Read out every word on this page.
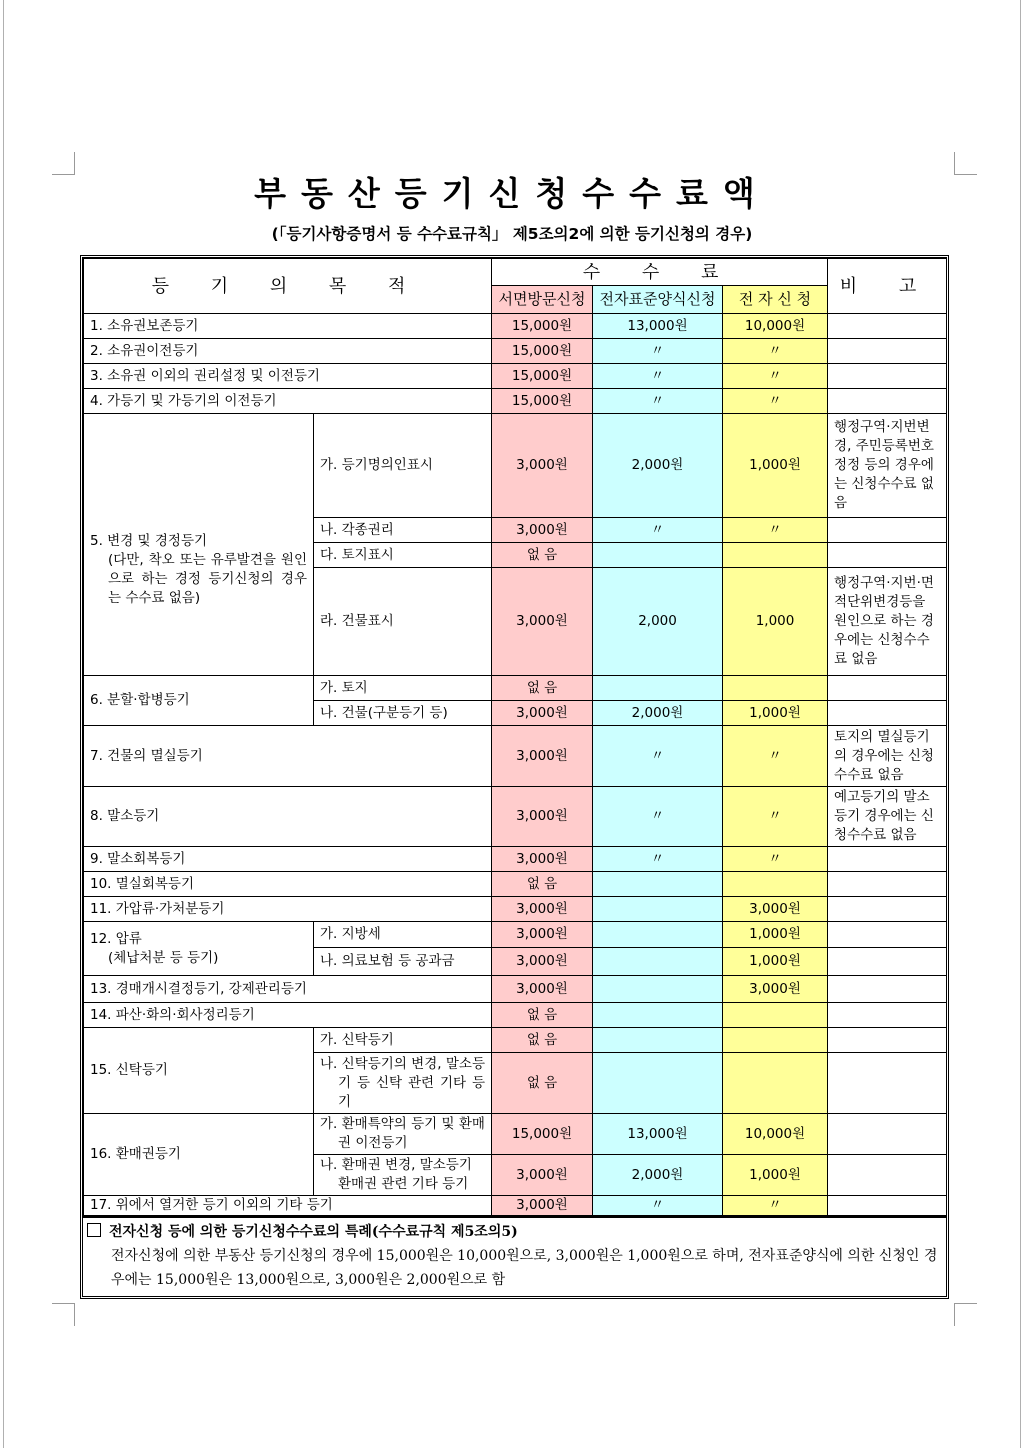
부동산등기신청수수료액
(「등기사항증명서 등 수수료규칙」 제5조의2에 의한 등기신청의 경우)
등 기 의 목 적		수 수 료			비 고
		서면방문신청	전자표준양식신청	전 자 신 청	
1. 소유권보존등기		15,000원	13,000원	10,000원	
2. 소유권이전등기		15,000원	〃	〃	
3. 소유권 이외의 권리설정 및 이전등기		15,000원	〃	〃	
4. 가등기 및 가등기의 이전등기		15,000원	〃	〃	

5. 변경 및 경정등기
(다만, 착오 또는 유루발견을 원인으로 하는 경정 등기신청의 경우는 수수료 없음)	가. 등기명의인표시	3,000원	2,000원	1,000원	행정구역·지번변경, 주민등록번호정정 등의 경우에는 신청수수료 없음
	나. 각종권리	3,000원	〃	〃	
	다. 토지표시	없 음			
	라. 건물표시	3,000원	2,000	1,000	행정구역·지번·면적단위변경등을 원인으로 하는 경우에는 신청수수료 없음
6. 분할·합병등기	가. 토지	없 음			
	나. 건물(구분등기 등)	3,000원	2,000원	1,000원	
7. 건물의 멸실등기		3,000원	〃	〃	토지의 멸실등기의 경우에는 신청수수료 없음
8. 말소등기		3,000원	〃	〃	예고등기의 말소등기 경우에는 신청수수료 없음
9. 말소회복등기		3,000원	〃	〃	
10. 멸실회복등기		없 음			
11. 가압류·가처분등기		3,000원		3,000원	

12. 압류
(체납처분 등 등기)	가. 지방세	3,000원		1,000원	
	나. 의료보험 등 공과금	3,000원		1,000원	
13. 경매개시결정등기, 강제관리등기		3,000원		3,000원	
14. 파산·화의·회사정리등기		없 음			
15. 신탁등기	가. 신탁등기	없 음			
	나. 신탁등기의 변경, 말소등기 등 신탁 관련 기타 등기	없 음			
16. 환매권등기	가. 환매특약의 등기 및 환매권 이전등기	15,000원	13,000원	10,000원	
	나. 환매권 변경, 말소등기 환매권 관련 기타 등기	3,000원	2,000원	1,000원	
17. 위에서 열거한 등기 이외의 기타 등기		3,000원	〃	〃	
전자신청 등에 의한 등기신청수수료의 특례(수수료규칙 제5조의5)
전자신청에 의한 부동산 등기신청의 경우에 15,000원은 10,000원으로, 3,000원은 1,000원으로 하며, 전자표준양식에 의한 신청인 경우에는 15,000원은 13,000원으로, 3,000원은 2,000원으로 함
